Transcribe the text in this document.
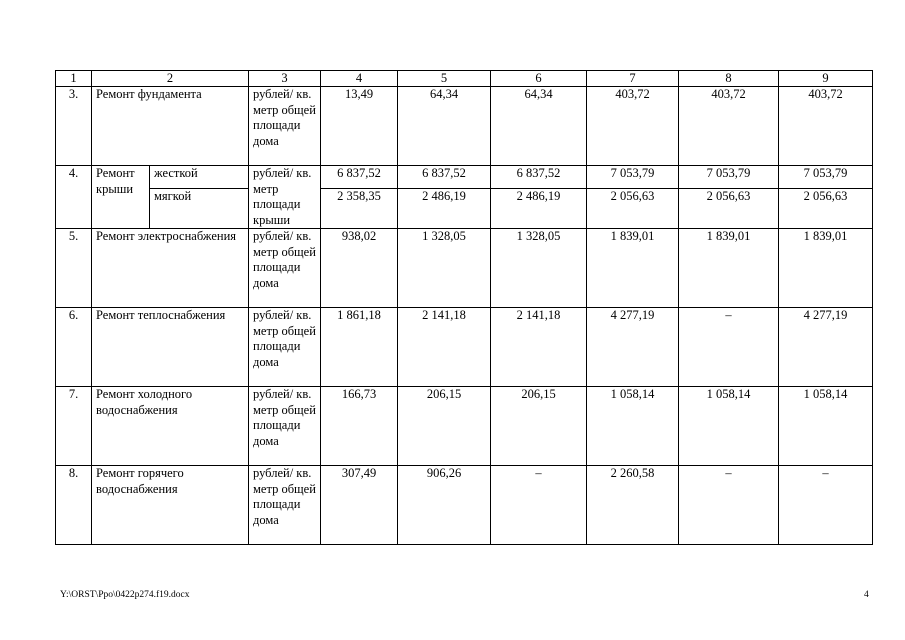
1	2		3	4	5	6	7	8	9
3.	Ремонт фундамента		рублей/ кв. метр общей площади дома	13,49	64,34	64,34	403,72	403,72	403,72
4.	Ремонт крыши	жесткой	рублей/ кв. метр площади крыши	6 837,52	6 837,52	6 837,52	7 053,79	7 053,79	7 053,79
		мягкой		2 358,35	2 486,19	2 486,19	2 056,63	2 056,63	2 056,63
5.	Ремонт электроснабжения		рублей/ кв. метр общей площади дома	938,02	1 328,05	1 328,05	1 839,01	1 839,01	1 839,01
6.	Ремонт теплоснабжения		рублей/ кв. метр общей площади дома	1 861,18	2 141,18	2 141,18	4 277,19	–	4 277,19
7.	Ремонт холодного водоснабжения		рублей/ кв. метр общей площади дома	166,73	206,15	206,15	1 058,14	1 058,14	1 058,14
8.	Ремонт горячего водоснабжения		рублей/ кв. метр общей площади дома	307,49	906,26	–	2 260,58	–	–
Y:\ORST\Ppo\0422p274.f19.docx	4
